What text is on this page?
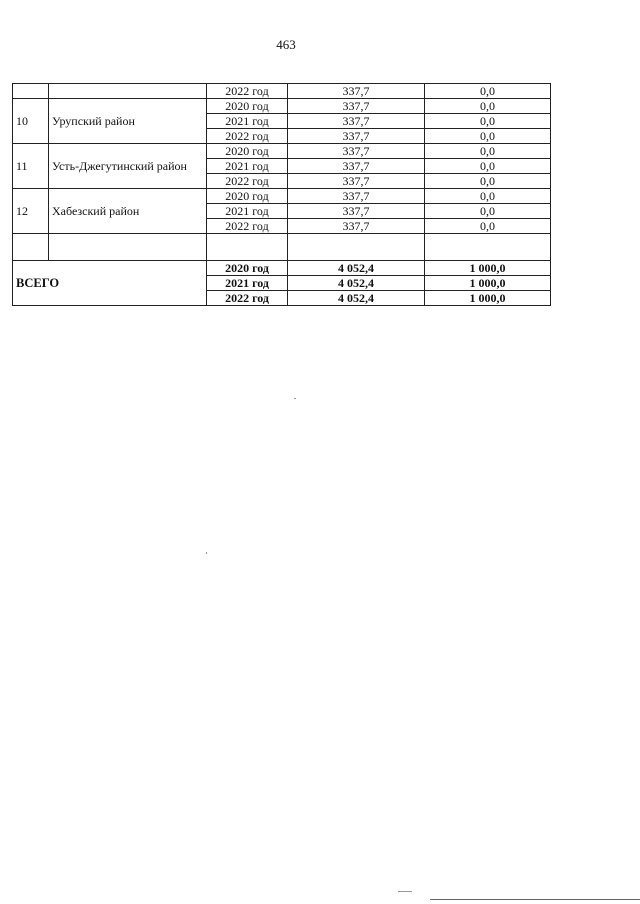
463
		2022 год	337,7	0,0
10	Урупский район	2020 год	337,7	0,0
		2021 год	337,7	0,0
		2022 год	337,7	0,0
11	Усть-Джегутинский район	2020 год	337,7	0,0
		2021 год	337,7	0,0
		2022 год	337,7	0,0
12	Хабезский район	2020 год	337,7	0,0
		2021 год	337,7	0,0
		2022 год	337,7	0,0

ВСЕГО		2020 год	4 052,4	1 000,0
		2021 год	4 052,4	1 000,0
		2022 год	4 052,4	1 000,0
